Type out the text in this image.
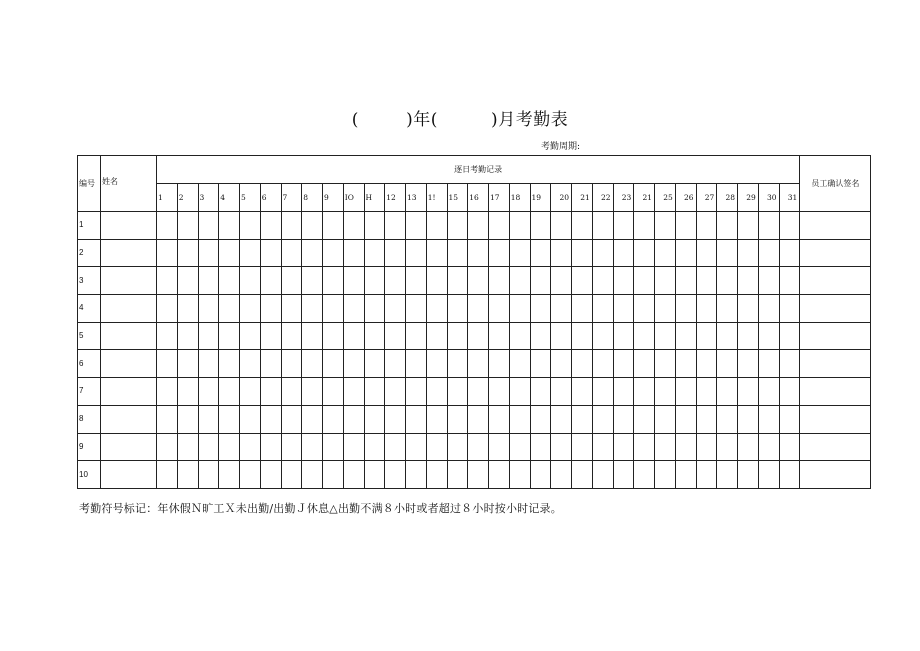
(        )年(         )月考勤表
考勤周期:
编号	姓名	逐日考勤记录																															员工确认签名
		1	2	3	4	5	6	7	8	9	IO	H	12	13	1!	15	16	17	18	19	20	21	22	23	21	25	26	27	28	29	30	31	
1																																	
2																																	
3																																	
4																																	
5																																	
6																																	
7																																	
8																																	
9																																	
10																																	
考勤符号标记：年休假Ｎ旷工Ｘ未出勤/出勤Ｊ休息△出勤不满８小时或者超过８小时按小时记录。
